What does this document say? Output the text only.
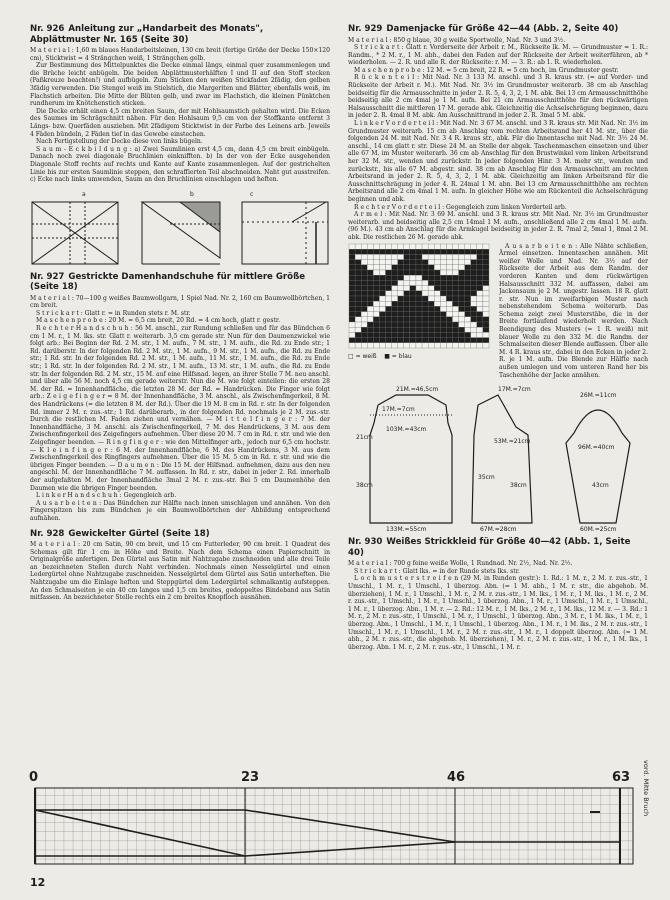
Nr. 926 Anleitung zur „Handarbeit des Monats", Abplättmuster Nr. 165 (Seite 30)

M a t e r i a l : 1,60 m blaues Handarbeitsleinen, 130 cm breit (fertige Größe der Decke 150×120 cm), Sticktwist = 4 Strängchen weiß, 1 Strängchen gelb.

Zur Bestimmung des Mittelpunktes die Decke einmal längs, einmal quer zusammenlegen und die Brüche leicht anbügeln. Die beiden Abplättmusterhälften I und II auf den Stoff stecken (Paßkreuze beachten!) und aufbügeln. Zum Sticken den weißen Stickfaden 2fädig, den gelben 3fädig verwenden. Die Stengel weiß im Stielstich, die Margeriten und Blätter, ebenfalls weiß, im Flachstich arbeiten. Die Mitte der Blüten gelb, und zwar im Flachstich, die kleinen Pünktchen rundherum im Knötchenstich sticken.

Die Decke erhält einen 4,5 cm breiten Saum, der mit Hohlsaumstich gehalten wird. Die Ecken des Saumes im Schrägschnitt nähen. Für den Hohlsaum 9,5 cm von der Stoffkante entfernt 3 Längs- bzw. Querfäden ausziehen. Mit 2fädigem Sticktwist in der Farbe des Leinens arb. Jeweils 4 Fäden bündeln, 2 Fäden tief in das Gewebe einstechen.

Nach Fertigstellung der Decke diese von links bügeln.

S a u m - E c k b i l d u n g : a) Zwei Saumlinien erst 4,5 cm, dann 4,5 cm breit einbügeln. Danach noch zwei diagonale Bruchlinien einknifften. b) In der von der Ecke ausgehenden Diagonale Stoff rechts auf rechts und Kante auf Kante zusammenlegen. Auf der gestrichelten Linie bis zur ersten Saumlinie steppen, den schraffierten Teil abschneiden. Naht gut ausstreifen. c) Ecke nach links umwenden, Saum an den Bruchlinien einschlagen und heften.

a	b	c
Nr. 927 Gestrickte Damenhandschuhe für mittlere Größe (Seite 18)

M a t e r i a l : 70—100 g weißes Baumwollgarn, 1 Spiel Nad. Nr. 2, 160 cm Baumwollbörtchen, 1 cm breit.

S t r i c k a r t : Glatt r. = in Runden stets r. M. str.

M a s c h e n p r o b e : 20 M. = 6,5 cm breit, 20 Rd. = 4 cm hoch, glatt r. gestr.

R e c h t e r H a n d s c h u h : 56 M. anschl., zur Rundung schließen und für das Bündchen 6 cm 1 M. r., 1 M. lks. str. Glatt r. weiterarb. 3,5 cm gerade str. Nun für den Daumenzwickel wie folgt arb.: Bei Beginn der Rd. 2 M. str., 1 M. aufn., 7 M. str., 1 M. aufn., die Rd. zu Ende str.; 1 Rd. darüberstr. In der folgenden Rd. 2 M. str., 1 M. aufn., 9 M. str., 1 M. aufn., die Rd. zu Ende str.; 1 Rd. str. In der folgenden Rd. 2 M. str., 1 M. aufn., 11 M. str., 1 M. aufn., die Rd. zu Ende str.; 1 Rd. str. In der folgenden Rd. 2 M. str., 1 M. aufn., 13 M. str., 1 M. aufn., die Rd. zu Ende str. In der folgenden Rd. 2 M. str., 15 M. auf eine Hilfsnad. legen, an ihrer Stelle 7 M. neu anschl. und über alle 56 M. noch 4,5 cm gerade weiterstr. Nun die M. wie folgt einteilen: die ersten 28 M. der Rd. = Innenhandfläche, die letzten 28 M. der Rd. = Handrücken. Die Finger wie folgt arb.: Z e i g e f i n g e r = 8 M. der Innenhandfläche, 3 M. anschl., als Zwischenfingerkeil, 8 M. des Handrückens (= die letzten 8 M. der Rd.). Über die 19 M. 8 cm in Rd. r. str. In der folgenden Rd. immer 2 M. r. zus.-str.; 1 Rd. darüberarb., in der folgenden Rd. nochmals je 2 M. zus.-str. Durch die restlichen M. Faden ziehen und vernähen. — M i t t e l f i n g e r : 7 M. der Innenhandfläche, 3 M. anschl. als Zwischenfingerkeil, 7 M. des Handrückens, 3 M. aus dem Zwischenfingerkeil des Zeigefingers aufnehmen. Über diese 20 M. 7 cm in Rd. r. str. und wie den Zeigefinger beenden. — R i n g f i n g e r : wie den Mittelfinger arb., jedoch nur 6,5 cm hochstr. — K l e i n f i n g e r : 6 M. der Innenhandfläche, 6 M. des Handrückens, 3 M. aus dem Zwischenfingerkeil des Ringfingers aufnehmen. Über die 15 M. 5 cm in Rd. r. str. und wie die übrigen Finger beenden. — D a u m e n : Die 15 M. der Hilfsnad. aufnehmen, dazu aus den neu angeschl. M. der Innenhandfläche 7 M. auffassen. In Rd. r. str., dabei in jeder 2. Rd. innerhalb der aufgefaßten M. der Innenhandfläche 3mal 2 M. r. zus.-str. Bei 5 cm Daumenhöhe den Daumen wie die übrigen Finger beenden.

L i n k e r H a n d s c h u h : Gegengleich arb.

A u s a r b e i t e n : Das Bündchen zur Hälfte nach innen umschlagen und annähen. Von den Fingerspitzen bis zum Bündchen je ein Baumwollbörtchen der Abbildung entsprechend aufnähen.

Nr. 928 Gewickelter Gürtel (Seite 18)

M a t e r i a l : 20 cm Satin, 90 cm breit, und 15 cm Futterleder, 90 cm breit. 1 Quadrat des Schemas gilt für 1 cm in Höhe und Breite. Nach dem Schema einen Papierschnitt in Originalgröße anfertigen. Den Gürtel aus Satin mit Nahtzugabe zuschneiden und alle drei Teile an bezeichneten Stellen durch Naht verbinden. Nochmals einen Nesselgürtel und einen Ledergürtel ohne Nahtzugabe zuschneiden. Nesselgürtel dem Gürtel aus Satin unterheften. Die Nahtzugabe um die Einlage heften und Steppgürtel dem Ledergürtel schmalkantig aufsteppen. An den Schmalseiten je ein 40 cm langes und 1,5 cm breites, gedoppeltes Bindeband aus Satin mitfassen. An bezeichneter Stelle rechts ein 2 cm breites Knopfloch ausnähen.

Nr. 929 Damenjacke für Größe 42—44 (Abb. 2, Seite 40)

M a t e r i a l : 850 g blaue, 30 g weiße Sportwolle, Nad. Nr. 3 und 3½.

S t r i c k a r t : Glatt r. Vorderseite der Arbeit r. M., Rückseite lk. M. — Grundmuster = 1. R.: Randm., * 2 M. r., 1 M. abh., dabei den Faden auf der Rückseite der Arbeit weiterführen, ab * wiederholen. — 2. R. und alle R. der Rückseite: r. M. — 3. R.: ab 1. R. wiederholen.

M a s c h e n p r o b e : 12 M. = 5 cm breit, 22 R. = 5 cm hoch, im Grundmuster gestr.

R ü c k e n t e i l : Mit Nad. Nr. 3 133 M. anschl. und 3 R. kraus str. (= auf Vorder- und Rückseite der Arbeit r. M.). Mit Nad. Nr. 3½ im Grundmuster weiterarb. 38 cm ab Anschlag beidseitig für die Armausschnitte in jeder 2. R. 5, 4, 3, 2, 1 M. abk. Bei 13 cm Armausschnitthöhe beidseitig alle 2 cm 4mal je 1 M. aufn. Bei 21 cm Armausschnitthöhe für den rückwärtigen Halsausschnitt die mittleren 17 M. gerade abk. Gleichzeitig die Achselschrägung beginnen, dazu in jeder 2. R. 4mal 8 M. abk. Am Ausschnittrand in jeder 2. R. 3mal 5 M. abk.

L i n k e r V o r d e r t e i l : Mit Nad. Nr. 3 67 M. anschl. und 3 R. kraus str. Mit Nad. Nr. 3½ im Grundmuster weiterarb. 15 cm ab Anschlag vom rechten Arbeitsrand her 41 M. str., über die folgenden 24 M. mit Nad. Nr. 3 4 R. kraus str., abk. Für die Innentasche mit Nad. Nr. 3½ 24 M. anschl., 14 cm glatt r. str. Diese 24 M. an Stelle der abgek. Taschenmaschen einsetzen und über alle 67 M. im Muster weiterarb. 36 cm ab Anschlag für den Brustwinkel vom linken Arbeitsrand her 32 M. str., wenden und zurückstr. In jeder folgenden Hinr. 3 M. mehr str., wenden und zurückstr., bis alle 67 M. abgestr. sind. 38 cm ab Anschlag für den Armausschnitt am rechten Arbeitsrand in jeder 2. R. 5, 4, 3, 2, 1 M. abk. Gleichzeitig am linken Arbeitsrand für die Ausschnittschrägung in jeder 4. R. 24mal 1 M. abn. Bei 13 cm Armausschnitthöhe am rechten Arbeitsrand alle 2 cm 4mal 1 M. aufn. In gleicher Höhe wie am Rückenteil die Achselschrägung beginnen und abk.

R e c h t e r V o r d e r t e i l : Gegengleich zum linken Vorderteil arb.

Ä r m e l : Mit Nad. Nr. 3 69 M. anschl. und 3 R. kraus str. Mit Nad. Nr. 3½ im Grundmuster weiterarb. und beidseitig alle 2,5 cm 14mal 1 M. aufn., anschließend alle 2 cm 4mal 1 M. aufn. (96 M.). 43 cm ab Anschlag für die Armkugel beidseitig in jeder 2. R. 7mal 2, 5mal 1, 8mal 2 M. abk. Die restlichen 26 M. gerade abk.

□ = weiß ■ = blau

A u s a r b e i t e n : Alle Nähte schließen, Ärmel einsetzen. Innentaschen annähen. Mit weißer Wolle und Nad. Nr. 3½ auf der Rückseite der Arbeit aus dem Randm. der vorderen Kanten und dem rückwärtigen Halsausschnitt 332 M. auffassen, dabei am Jackensaum je 2 M. ungestr. lassen. 18 R. glatt r. str. Nun im zweifarbigen Muster nach nebenstehendem Schema weiterarb. Das Schema zeigt zwei Musterstäbe, die in der Breite fortlaufend wiederholt werden. Nach Beendigung des Musters (= 1 R. weiß) mit blauer Wolle zu den 332 M. die Randm. der Schmalseiten dieser Blende auffassen. Über alle M. 4 R. kraus str., dabei in den Ecken in jeder 2. R. je 1 M. aufn. Die Blende zur Hälfte nach außen umlegen und vom unteren Rand her bis Taschenhöhe der Jacke annähen.

21M.=46,5cm
17M.=7cm
103M.=43cm
133M.=55cm
38cm
21cm
17M.=7cm
53M.=21cm
38cm
67M.=28cm
35cm
26M.=11cm
96M.=40cm
60M.=25cm
43cm
Nr. 930 Weißes Strickkleid für Größe 40—42 (Abb. 1, Seite 40)

M a t e r i a l : 700 g feine weiße Wolle, 1 Rundnad. Nr. 2½, Nad. Nr. 2½.

S t r i c k a r t : Glatt lks. = in der Runde stets lks. str.

L o c h m u s t e r s t r e i f e n (29 M. in Runden gestr.): 1. Rd.: 1 M. r., 2 M. r. zus.-str., 1 Umschl., 1 M. r., 1 Umschl., 1 überzog. Abn. (= 1 M. abh., 1 M. r. str., die abgehob. M. überziehen), 1 M. r., 1 Umschl., 1 M. r., 2 M. r. zus.-str., 1 M. lks., 1 M. r., 1 M. lks., 1 M. r., 2 M. r. zus.-str., 1 Umschl., 1 M. r., 1 Umschl., 1 überzog. Abn., 1 M. r., 1 Umschl., 1 M. r., 1 Umschl., 1 M. r., 1 überzog. Abn., 1 M. r. — 2. Rd.: 12 M. r., 1 M. lks., 2 M. r., 1 M. lks., 12 M. r. — 3. Rd.: 1 M. r., 2 M. r. zus.-str., 1 Umschl., 1 M. r., 1 Umschl., 1 überzog. Abn., 3 M. r., 1 M. lks., 1 M. r., 1 überzog. Abn., 1 Umschl., 1 M. r., 1 Umschl., 1 überzog. Abn., 1 M. r., 1 M. lks., 2 M. r. zus.-str., 1 Umschl., 1 M. r., 1 Umschl., 1 M. r., 2 M. r. zus.-str., 1 M. r., 1 doppelt überzog. Abn. (= 1 M. abh., 2 M. r. zus.-str., die abgehob. M. überziehen), 1 M. r., 2 M. r. zus.-str., 1 M. r., 1 M. lks., 1 überzog. Abn. 1 M. r., 2 M. r. zus.-str., 1 Umschl., 1 M. r.

0	23	46	63 vord. Mitte Bruch
12
